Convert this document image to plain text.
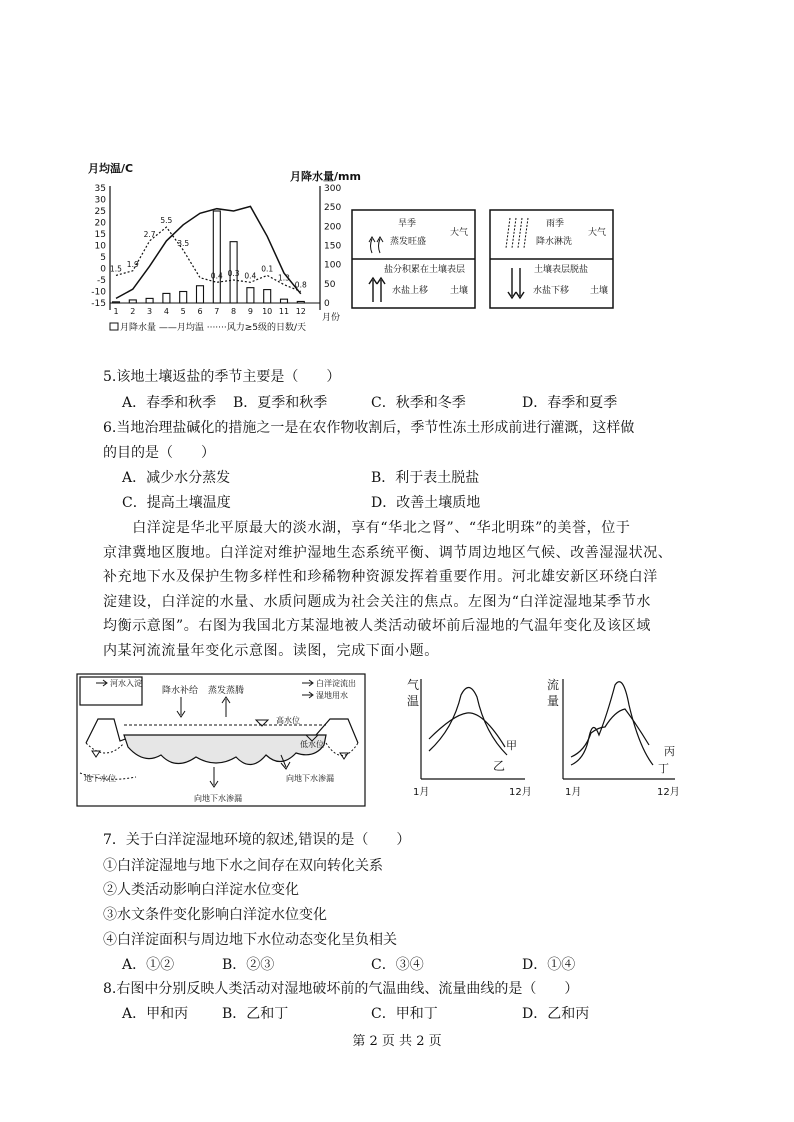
月均温/C
月降水量/mm
35
30
25
20
15
10
5
0
-5
-10
-15
300
250
200
150
100
50
0
1 2 3 4 5 6 7 8 9 10 11 12
月份
1.5
1.9
2.7
5.5
3.5
0.4 0.3 0.4
0.1
1.3
0.8
月降水量 ——月均温 ·······风力≥5级的日数/天
旱季
大气
蒸发旺盛
盐分积累在土壤表层
水盐上移 土壤
雨季
大气
降水淋洗
土壤表层脱盐
水盐下移 土壤
5.该地土壤返盐的季节主要是（　　）
A．春季和秋季 B．夏季和秋季	C．秋季和冬季	D．春季和夏季
6.当地治理盐碱化的措施之一是在农作物收割后，季节性冻土形成前进行灌溉，这样做
的目的是（　　）
A．减少水分蒸发	B．利于表土脱盐
C．提高土壤温度	D．改善土壤质地
　　白洋淀是华北平原最大的淡水湖，享有“华北之肾”、“华北明珠”的美誉，位于
京津冀地区腹地。白洋淀对维护湿地生态系统平衡、调节周边地区气候、改善湿湿状况、
补充地下水及保护生物多样性和珍稀物种资源发挥着重要作用。河北雄安新区环绕白洋
淀建设，白洋淀的水量、水质问题成为社会关注的焦点。左图为“白洋淀湿地某季节水
均衡示意图”。右图为我国北方某湿地被人类活动破坏前后湿地的气温年变化及该区域
内某河流流量年变化示意图。读图，完成下面小题。
河水入淀	白洋淀流出
湿地用水
降水补给 蒸发蒸腾
高水位
低水位
地下水位	向地下水渗漏
向地下水渗漏
气
温
甲
乙
1月	12月
流
量
丙
丁
1月	12月
7．关于白洋淀湿地环境的叙述,错误的是（　　）
①白洋淀湿地与地下水之间存在双向转化关系
②人类活动影响白洋淀水位变化
③水文条件变化影响白洋淀水位变化
④白洋淀面积与周边地下水位动态变化呈负相关
A．①②	B．②③	C．③④	D．①④
8.右图中分别反映人类活动对湿地破坏前的气温曲线、流量曲线的是（　　）
A．甲和丙 B．乙和丁	C．甲和丁	D．乙和丙
第 2 页 共 2 页
